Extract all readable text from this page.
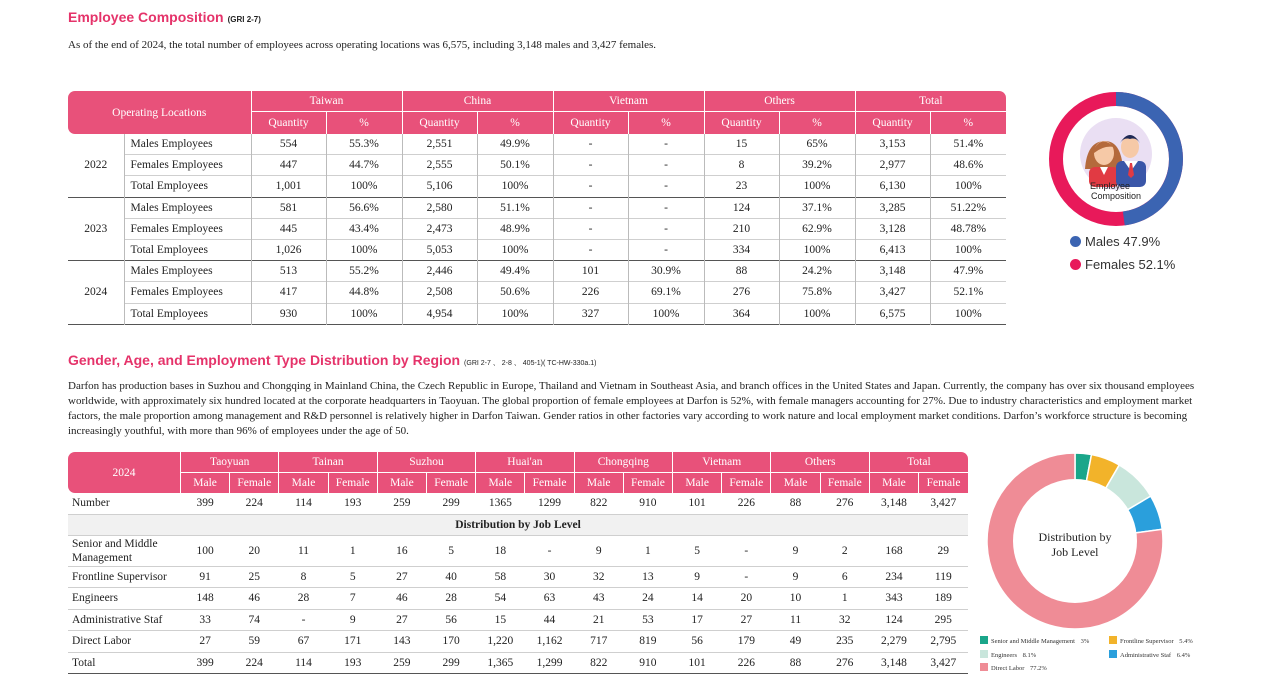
Employee Composition (GRI 2-7)
As of the end of 2024, the total number of employees across operating locations was 6,575, including 3,148 males and 3,427 females.
Operating Locations		Taiwan		China		Vietnam		Others		Total	
		Quantity	%	Quantity	%	Quantity	%	Quantity	%	Quantity	%
2022	Males Employees	554	55.3%	2,551	49.9%	-	-	15	65%	3,153	51.4%
	Females Employees	447	44.7%	2,555	50.1%	-	-	8	39.2%	2,977	48.6%
	Total Employees	1,001	100%	5,106	100%	-	-	23	100%	6,130	100%
2023	Males Employees	581	56.6%	2,580	51.1%	-	-	124	37.1%	3,285	51.22%
	Females Employees	445	43.4%	2,473	48.9%	-	-	210	62.9%	3,128	48.78%
	Total Employees	1,026	100%	5,053	100%	-	-	334	100%	6,413	100%
2024	Males Employees	513	55.2%	2,446	49.4%	101	30.9%	88	24.2%	3,148	47.9%
	Females Employees	417	44.8%	2,508	50.6%	226	69.1%	276	75.8%	3,427	52.1%
	Total Employees	930	100%	4,954	100%	327	100%	364	100%	6,575	100%
Employee
Composition
Males 47.9%
Females 52.1%
Gender, Age, and Employment Type Distribution by Region (GRI 2-7 、 2-8 、 405-1)( TC-HW-330a.1)
Darfon has production bases in Suzhou and Chongqing in Mainland China, the Czech Republic in Europe, Thailand and Vietnam in Southeast Asia, and branch offices in the United States and Japan. Currently, the company has over six thousand employees worldwide, with approximately six hundred located at the corporate headquarters in Taoyuan. The global proportion of female employees at Darfon is 52%, with female managers accounting for 27%. Due to industry characteristics and employment market factors, the male proportion among management and R&D personnel is relatively higher in Darfon Taiwan. Gender ratios in other factories vary according to work nature and local employment market conditions. Darfon’s workforce structure is becoming increasingly youthful, with more than 96% of employees under the age of 50.
2024	Taoyuan		Tainan		Suzhou		Huai'an		Chongqing		Vietnam		Others		Total	
	Male	Female	Male	Female	Male	Female	Male	Female	Male	Female	Male	Female	Male	Female	Male	Female
Number	399	224	114	193	259	299	1365	1299	822	910	101	226	88	276	3,148	3,427
Distribution by Job Level																
Senior and Middle Management	100	20	11	1	16	5	18	-	9	1	5	-	9	2	168	29
Frontline Supervisor	91	25	8	5	27	40	58	30	32	13	9	-	9	6	234	119
Engineers	148	46	28	7	46	28	54	63	43	24	14	20	10	1	343	189
Administrative Staf	33	74	-	9	27	56	15	44	21	53	17	27	11	32	124	295
Direct Labor	27	59	67	171	143	170	1,220	1,162	717	819	56	179	49	235	2,279	2,795
Total	399	224	114	193	259	299	1,365	1,299	822	910	101	226	88	276	3,148	3,427
Distribution by
Job Level
Senior and Middle Management 3%	Frontline Supervisor 5.4%
Engineers 8.1%	Administrative Staf 6.4%
Direct Labor 77.2%
